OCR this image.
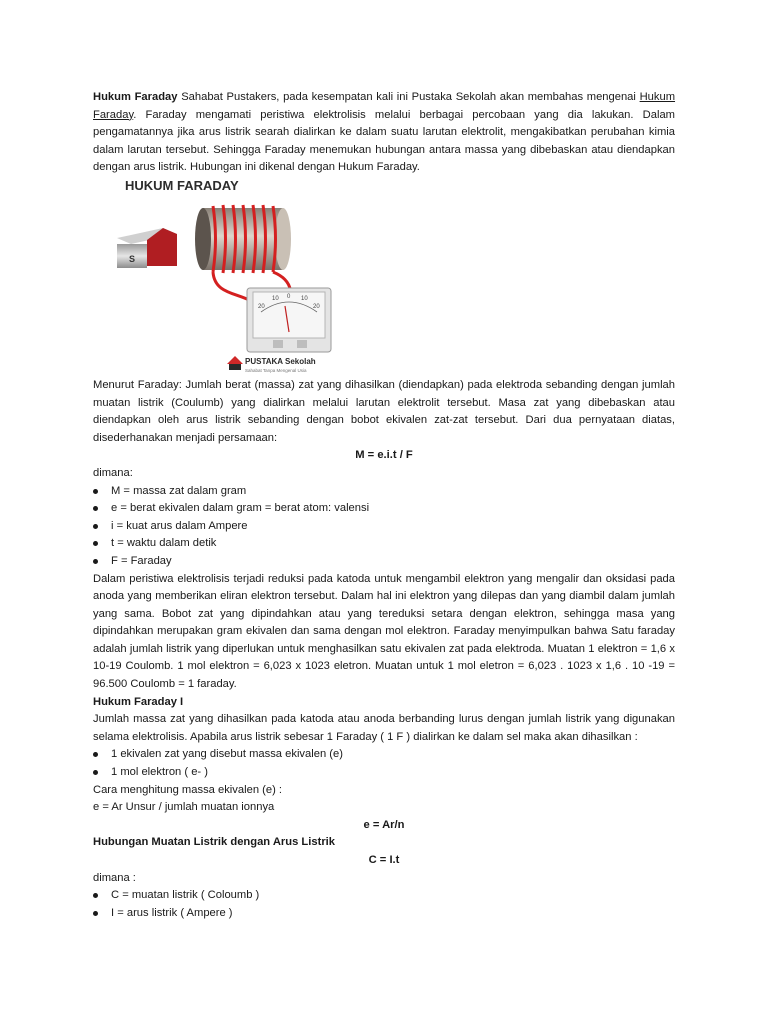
Hukum Faraday Sahabat Pustakers, pada kesempatan kali ini Pustaka Sekolah akan membahas mengenai Hukum Faraday. Faraday mengamati peristiwa elektrolisis melalui berbagai percobaan yang dia lakukan. Dalam pengamatannya jika arus listrik searah dialirkan ke dalam suatu larutan elektrolit, mengakibatkan perubahan kimia dalam larutan tersebut. Sehingga Faraday menemukan hubungan antara massa yang dibebaskan atau diendapkan dengan arus listrik. Hubungan ini dikenal dengan Hukum Faraday.

HUKUM FARADAY
S
20
10 0 10
20
PUSTAKA Sekolah
Sahabat Tanpa Mengenal Usia

Menurut Faraday: Jumlah berat (massa) zat yang dihasilkan (diendapkan) pada elektroda sebanding dengan jumlah muatan listrik (Coulumb) yang dialirkan melalui larutan elektrolit tersebut. Masa zat yang dibebaskan atau diendapkan oleh arus listrik sebanding dengan bobot ekivalen zat-zat tersebut. Dari dua pernyataan diatas, disederhanakan menjadi persamaan:

M = e.i.t / F
dimana:
M = massa zat dalam gram
e = berat ekivalen dalam gram = berat atom: valensi
i = kuat arus dalam Ampere
t = waktu dalam detik
F = Faraday

Dalam peristiwa elektrolisis terjadi reduksi pada katoda untuk mengambil elektron yang mengalir dan oksidasi pada anoda yang memberikan eliran elektron tersebut. Dalam hal ini elektron yang dilepas dan yang diambil dalam jumlah yang sama. Bobot zat yang dipindahkan atau yang tereduksi setara dengan elektron, sehingga masa yang dipindahkan merupakan gram ekivalen dan sama dengan mol elektron. Faraday menyimpulkan bahwa Satu faraday adalah jumlah listrik yang diperlukan untuk menghasilkan satu ekivalen zat pada elektroda. Muatan 1 elektron = 1,6 x 10-19 Coulomb. 1 mol elektron = 6,023 x 1023 eletron. Muatan untuk 1 mol eletron = 6,023 . 1023 x 1,6 . 10 -19 = 96.500 Coulomb = 1 faraday.

Hukum Faraday I

Jumlah massa zat yang dihasilkan pada katoda atau anoda berbanding lurus dengan jumlah listrik yang digunakan selama elektrolisis. Apabila arus listrik sebesar 1 Faraday ( 1 F ) dialirkan ke dalam sel maka akan dihasilkan :

1 ekivalen zat yang disebut massa ekivalen (e)
1 mol elektron ( e- )
Cara menghitung massa ekivalen (e) :
e = Ar Unsur / jumlah muatan ionnya
e = Ar/n
Hubungan Muatan Listrik dengan Arus Listrik
C = I.t
dimana :
C = muatan listrik ( Coloumb )
I = arus listrik ( Ampere )
